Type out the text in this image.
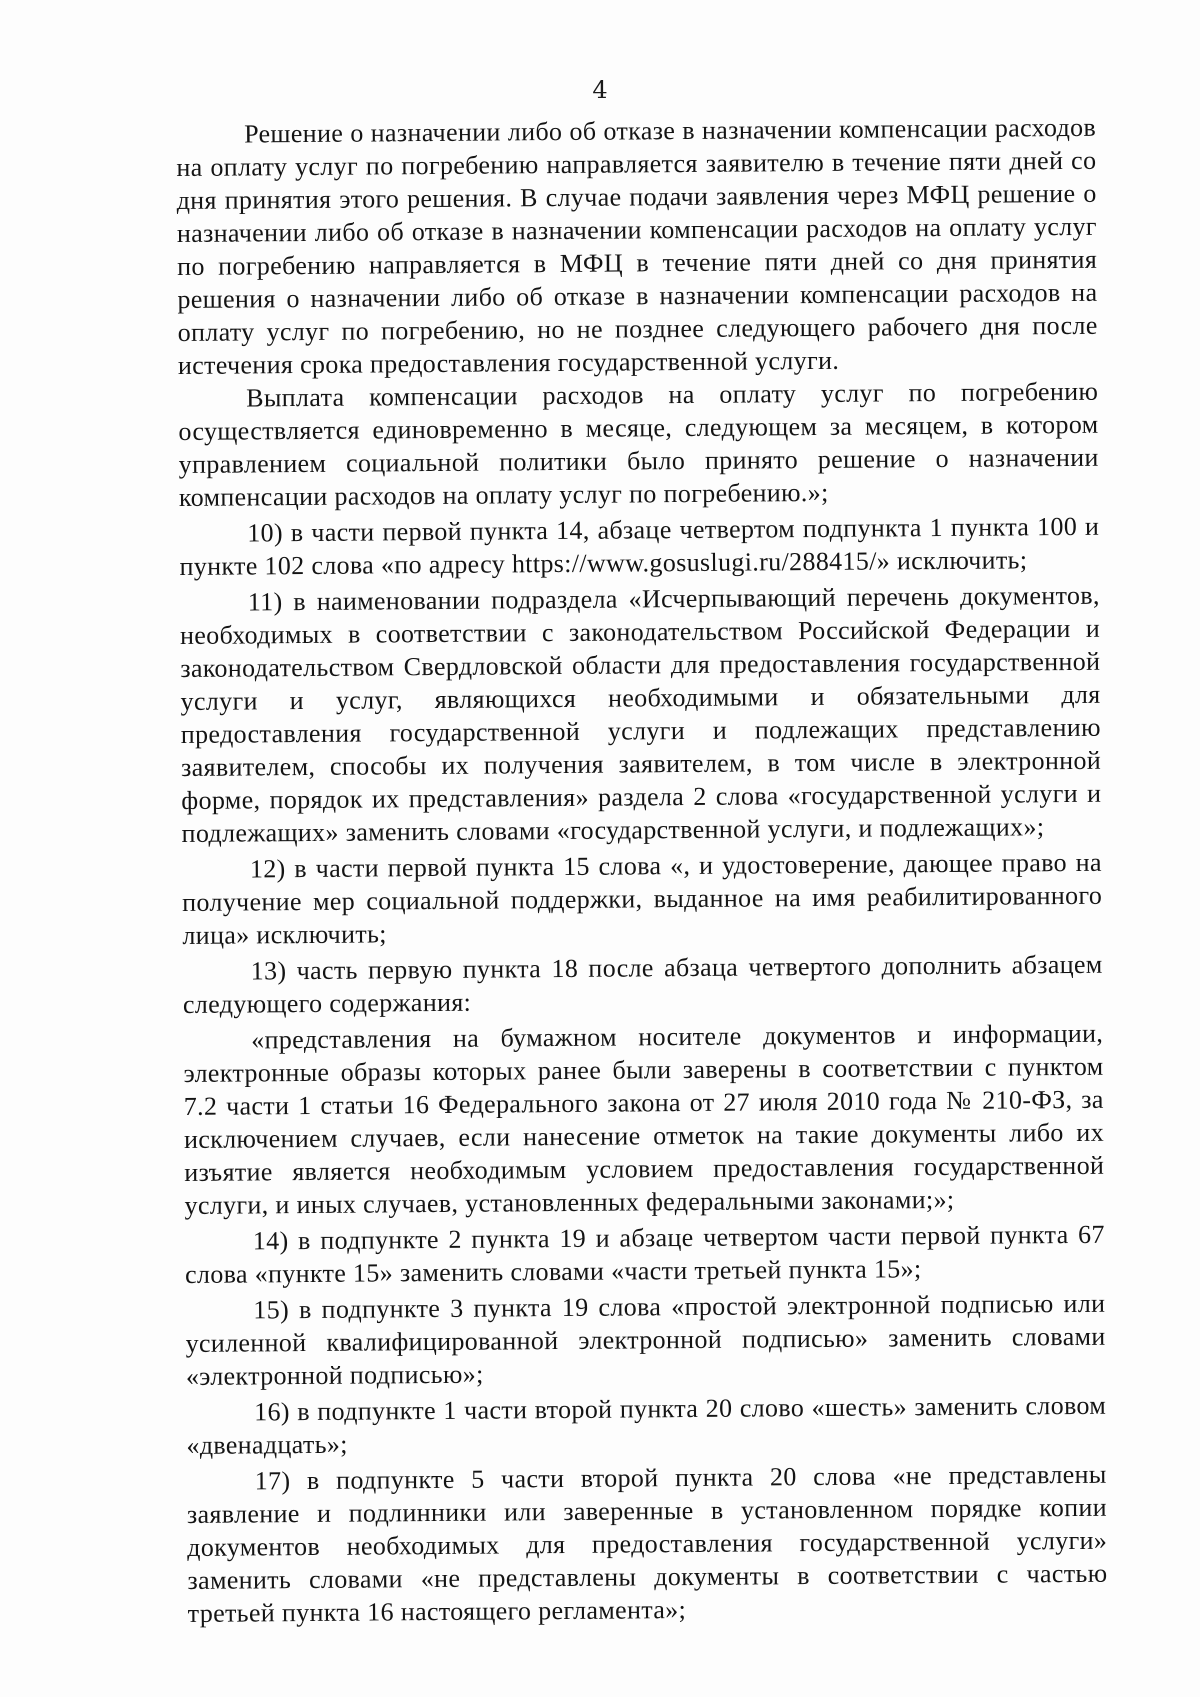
4

Решение о назначении либо об отказе в назначении компенсации расходов на оплату услуг по погребению направляется заявителю в течение пяти дней со дня принятия этого решения. В случае подачи заявления через МФЦ решение о назначении либо об отказе в назначении компенсации расходов на оплату услуг по погребению направляется в МФЦ в течение пяти дней со дня принятия решения о назначении либо об отказе в назначении компенсации расходов на оплату услуг по погребению, но не позднее следующего рабочего дня после истечения срока предоставления государственной услуги.

Выплата компенсации расходов на оплату услуг по погребению осуществляется единовременно в месяце, следующем за месяцем, в котором управлением социальной политики было принято решение о назначении компенсации расходов на оплату услуг по погребению.»;

10) в части первой пункта 14, абзаце четвертом подпункта 1 пункта 100 и пункте 102 слова «по адресу https://www.gosuslugi.ru/288415/» исключить;

11) в наименовании подраздела «Исчерпывающий перечень документов, необходимых в соответствии с законодательством Российской Федерации и законодательством Свердловской области для предоставления государственной услуги и услуг, являющихся необходимыми и обязательными для предоставления государственной услуги и подлежащих представлению заявителем, способы их получения заявителем, в том числе в электронной форме, порядок их представления» раздела 2 слова «государственной услуги и подлежащих» заменить словами «государственной услуги, и подлежащих»;

12) в части первой пункта 15 слова «, и удостоверение, дающее право на получение мер социальной поддержки, выданное на имя реабилитированного лица» исключить;

13) часть первую пункта 18 после абзаца четвертого дополнить абзацем следующего содержания:

«представления на бумажном носителе документов и информации, электронные образы которых ранее были заверены в соответствии с пунктом 7.2 части 1 статьи 16 Федерального закона от 27 июля 2010 года № 210-ФЗ, за исключением случаев, если нанесение отметок на такие документы либо их изъятие является необходимым условием предоставления государственной услуги, и иных случаев, установленных федеральными законами;»;

14) в подпункте 2 пункта 19 и абзаце четвертом части первой пункта 67 слова «пункте 15» заменить словами «части третьей пункта 15»;

15) в подпункте 3 пункта 19 слова «простой электронной подписью или усиленной квалифицированной электронной подписью» заменить словами «электронной подписью»;

16) в подпункте 1 части второй пункта 20 слово «шесть» заменить словом «двенадцать»;

17) в подпункте 5 части второй пункта 20 слова «не представлены заявление и подлинники или заверенные в установленном порядке копии документов необходимых для предоставления государственной услуги» заменить словами «не представлены документы в соответствии с частью третьей пункта 16 настоящего регламента»;
